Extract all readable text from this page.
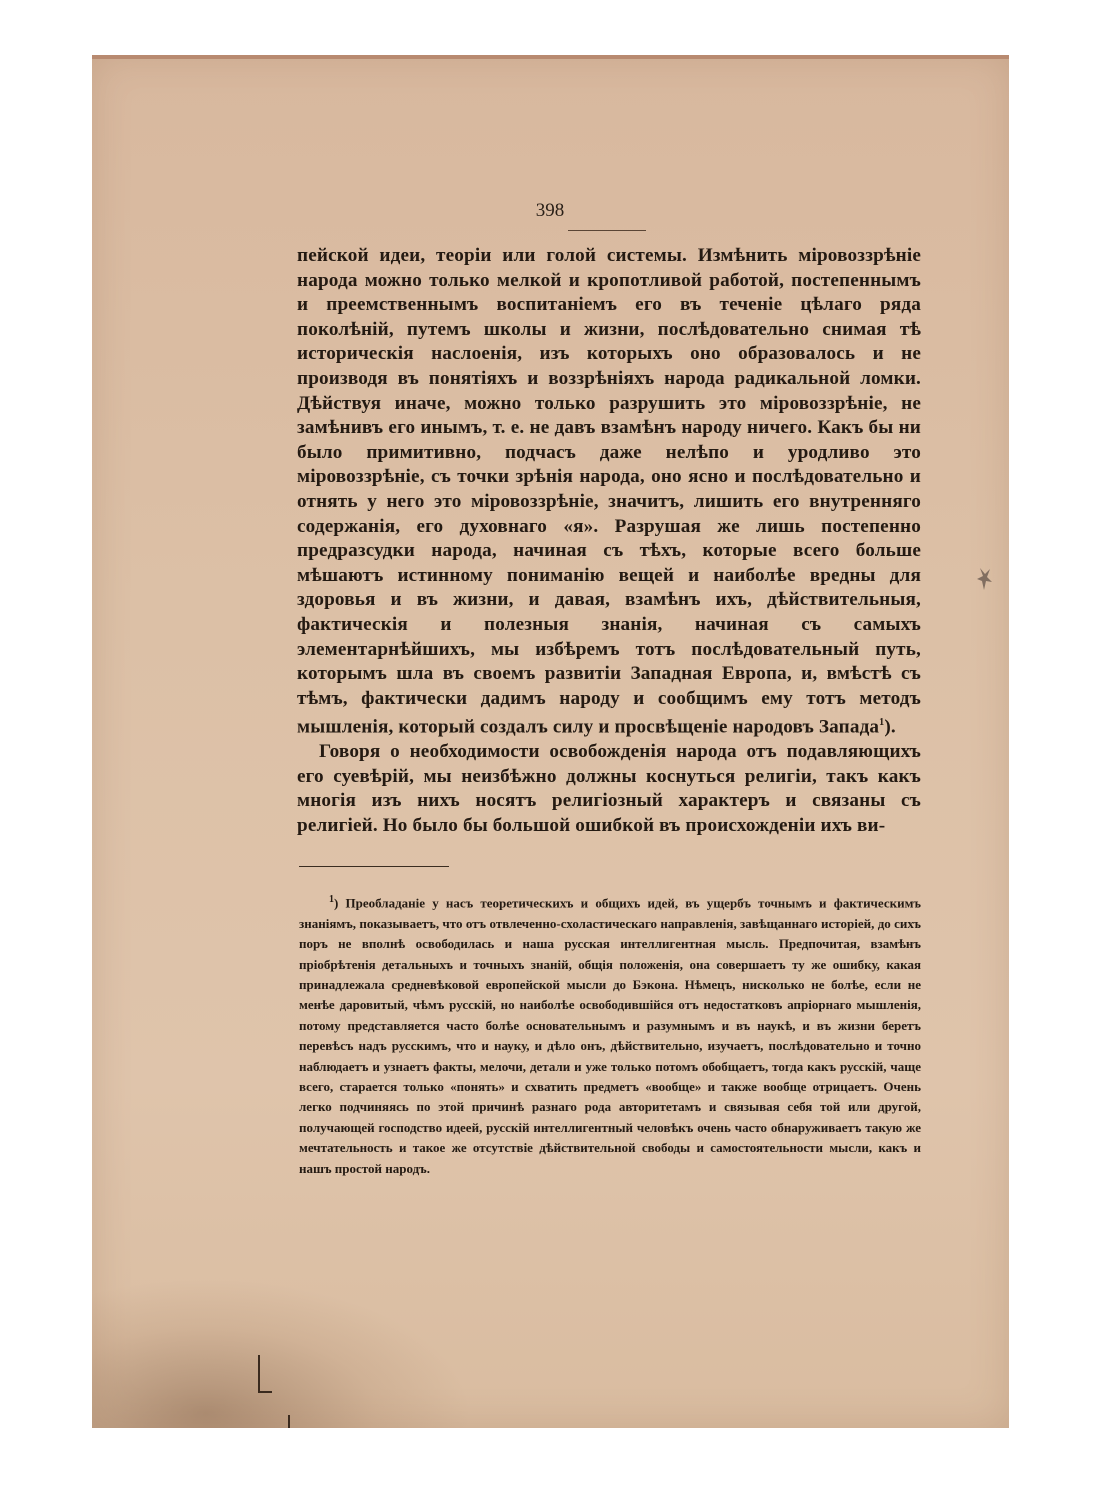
398

пейской идеи, теоріи или голой системы. Измѣнить міровоззрѣніе народа можно только мелкой и кропотливой работой, постепеннымъ и преемственнымъ воспитаніемъ его въ теченіе цѣлаго ряда поколѣній, путемъ школы и жизни, послѣдовательно снимая тѣ историческія наслоенія, изъ которыхъ оно образовалось и не производя въ понятіяхъ и воззрѣніяхъ народа радикальной ломки. Дѣйствуя иначе, можно только разрушить это міровоззрѣніе, не замѣнивъ его инымъ, т. е. не давъ взамѣнъ народу ничего. Какъ бы ни было примитивно, подчасъ даже нелѣпо и уродливо это міровоззрѣніе, съ точки зрѣнія народа, оно ясно и послѣдовательно и отнять у него это міровоззрѣніе, значитъ, лишить его внутренняго содержанія, его духовнаго «я». Разрушая же лишь постепенно предразсудки народа, начиная съ тѣхъ, которые всего больше мѣшаютъ истинному пониманію вещей и наиболѣе вредны для здоровья и въ жизни, и давая, взамѣнъ ихъ, дѣйствительныя, фактическія и полезныя знанія, начиная съ самыхъ элементарнѣйшихъ, мы избѣремъ тотъ послѣдовательный путь, которымъ шла въ своемъ развитіи Западная Европа, и, вмѣстѣ съ тѣмъ, фактически дадимъ народу и сообщимъ ему тотъ методъ мышленія, который создалъ силу и просвѣщеніе народовъ Запада$^1$).

Говоря о необходимости освобожденія народа отъ подавляющихъ его суевѣрій, мы неизбѣжно должны коснуться религіи, такъ какъ многія изъ нихъ носятъ религіозный характеръ и связаны съ религіей. Но было бы большой ошибкой въ происхожденіи ихъ ви-

$^1$) Преобладаніе у насъ теоретическихъ и общихъ идей, въ ущербъ точнымъ и фактическимъ знаніямъ, показываетъ, что отъ отвлеченно-схоластическаго направленія, завѣщаннаго исторіей, до сихъ поръ не вполнѣ освободилась и наша русская интеллигентная мысль. Предпочитая, взамѣнъ пріобрѣтенія детальныхъ и точныхъ знаній, общія положенія, она совершаетъ ту же ошибку, какая принадлежала средневѣковой европейской мысли до Бэкона. Нѣмецъ, нисколько не болѣе, если не менѣе даровитый, чѣмъ русскій, но наиболѣе освободившійся отъ недостатковъ апріорнаго мышленія, потому представляется часто болѣе основательнымъ и разумнымъ и въ наукѣ, и въ жизни беретъ перевѣсъ надъ русскимъ, что и науку, и дѣло онъ, дѣйствительно, изучаетъ, послѣдовательно и точно наблюдаетъ и узнаетъ факты, мелочи, детали и уже только потомъ обобщаетъ, тогда какъ русскій, чаще всего, старается только «понять» и схватить предметъ «вообще» и также вообще отрицаетъ. Очень легко подчиняясь по этой причинѣ разнаго рода авторитетамъ и связывая себя той или другой, получающей господство идеей, русскій интеллигентный человѣкъ очень часто обнаруживаетъ такую же мечтательность и такое же отсутствіе дѣйствительной свободы и самостоятельности мысли, какъ и нашъ простой народъ.
